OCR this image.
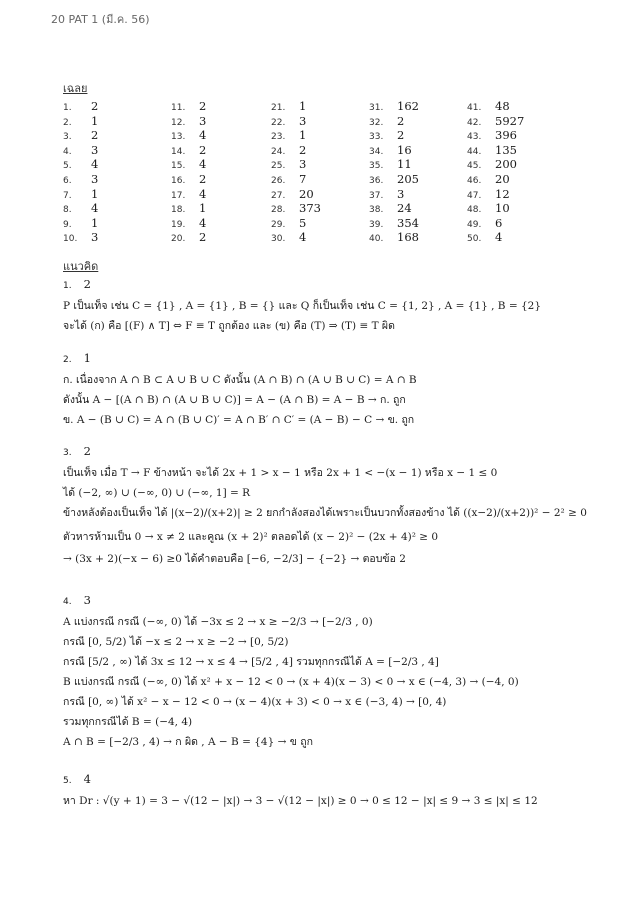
20 PAT 1 (มี.ค. 56)
เฉลย
1. 2
2. 1
3. 2
4. 3
5. 4
6. 3
7. 1
8. 4
9. 1
10. 3
11. 2
12. 3
13. 4
14. 2
15. 4
16. 2
17. 4
18. 1
19. 4
20. 2
21. 1
22. 3
23. 1
24. 2
25. 3
26. 7
27. 20
28. 373
29. 5
30. 4
31. 162
32. 2
33. 2
34. 16
35. 11
36. 205
37. 3
38. 24
39. 354
40. 168
41. 48
42. 5927
43. 396
44. 135
45. 200
46. 20
47. 12
48. 10
49. 6
50. 4
แนวคิด
1. 2
P เป็นเท็จ เช่น C = {1} , A = {1} , B = {} และ Q ก็เป็นเท็จ เช่น C = {1, 2} , A = {1} , B = {2}
จะได้ (ก) คือ [(F) ∧ T] ⇔ F ≡ T ถูกต้อง และ (ข) คือ (T) ⇒ (T) ≡ T ผิด
2. 1
ก. เนื่องจาก A ∩ B ⊂ A ∪ B ∪ C ดังนั้น (A ∩ B) ∩ (A ∪ B ∪ C) = A ∩ B
ดังนั้น A − [(A ∩ B) ∩ (A ∪ B ∪ C)] = A − (A ∩ B) = A − B → ก. ถูก
ข. A − (B ∪ C) = A ∩ (B ∪ C)′ = A ∩ B′ ∩ C′ = (A − B) − C → ข. ถูก
3. 2
เป็นเท็จ เมื่อ T → F ข้างหน้า จะได้ 2x + 1 > x − 1 หรือ 2x + 1 < −(x − 1) หรือ x − 1 ≤ 0
ได้ (−2, ∞) ∪ (−∞, 0) ∪ (−∞, 1] = R
ข้างหลังต้องเป็นเท็จ ได้ |(x−2)/(x+2)| ≥ 2 ยกกำลังสองได้เพราะเป็นบวกทั้งสองข้าง ได้ ((x−2)/(x+2))² − 2² ≥ 0
ตัวหารห้ามเป็น 0 → x ≠ 2 และคูณ (x + 2)² ตลอดได้ (x − 2)² − (2x + 4)² ≥ 0
→ (3x + 2)(−x − 6) ≥0 ได้คำตอบคือ [−6, −2/3] − {−2} → ตอบข้อ 2
4. 3
A แบ่งกรณี กรณี (−∞, 0) ได้ −3x ≤ 2 → x ≥ −2/3 → [−2/3 , 0)
กรณี [0, 5/2) ได้ −x ≤ 2 → x ≥ −2 → [0, 5/2)
กรณี [5/2 , ∞) ได้ 3x ≤ 12 → x ≤ 4 → [5/2 , 4] รวมทุกกรณีได้ A = [−2/3 , 4]
B แบ่งกรณี กรณี (−∞, 0) ได้ x² + x − 12 < 0 → (x + 4)(x − 3) < 0 → x ∈ (−4, 3) → (−4, 0)
กรณี [0, ∞) ได้ x² − x − 12 < 0 → (x − 4)(x + 3) < 0 → x ∈ (−3, 4) → [0, 4)
รวมทุกกรณีได้ B = (−4, 4)
A ∩ B = [−2/3 , 4) → ก ผิด , A − B = {4} → ข ถูก
5. 4
หา Dr : √(y + 1) = 3 − √(12 − |x|) → 3 − √(12 − |x|) ≥ 0 → 0 ≤ 12 − |x| ≤ 9 → 3 ≤ |x| ≤ 12
